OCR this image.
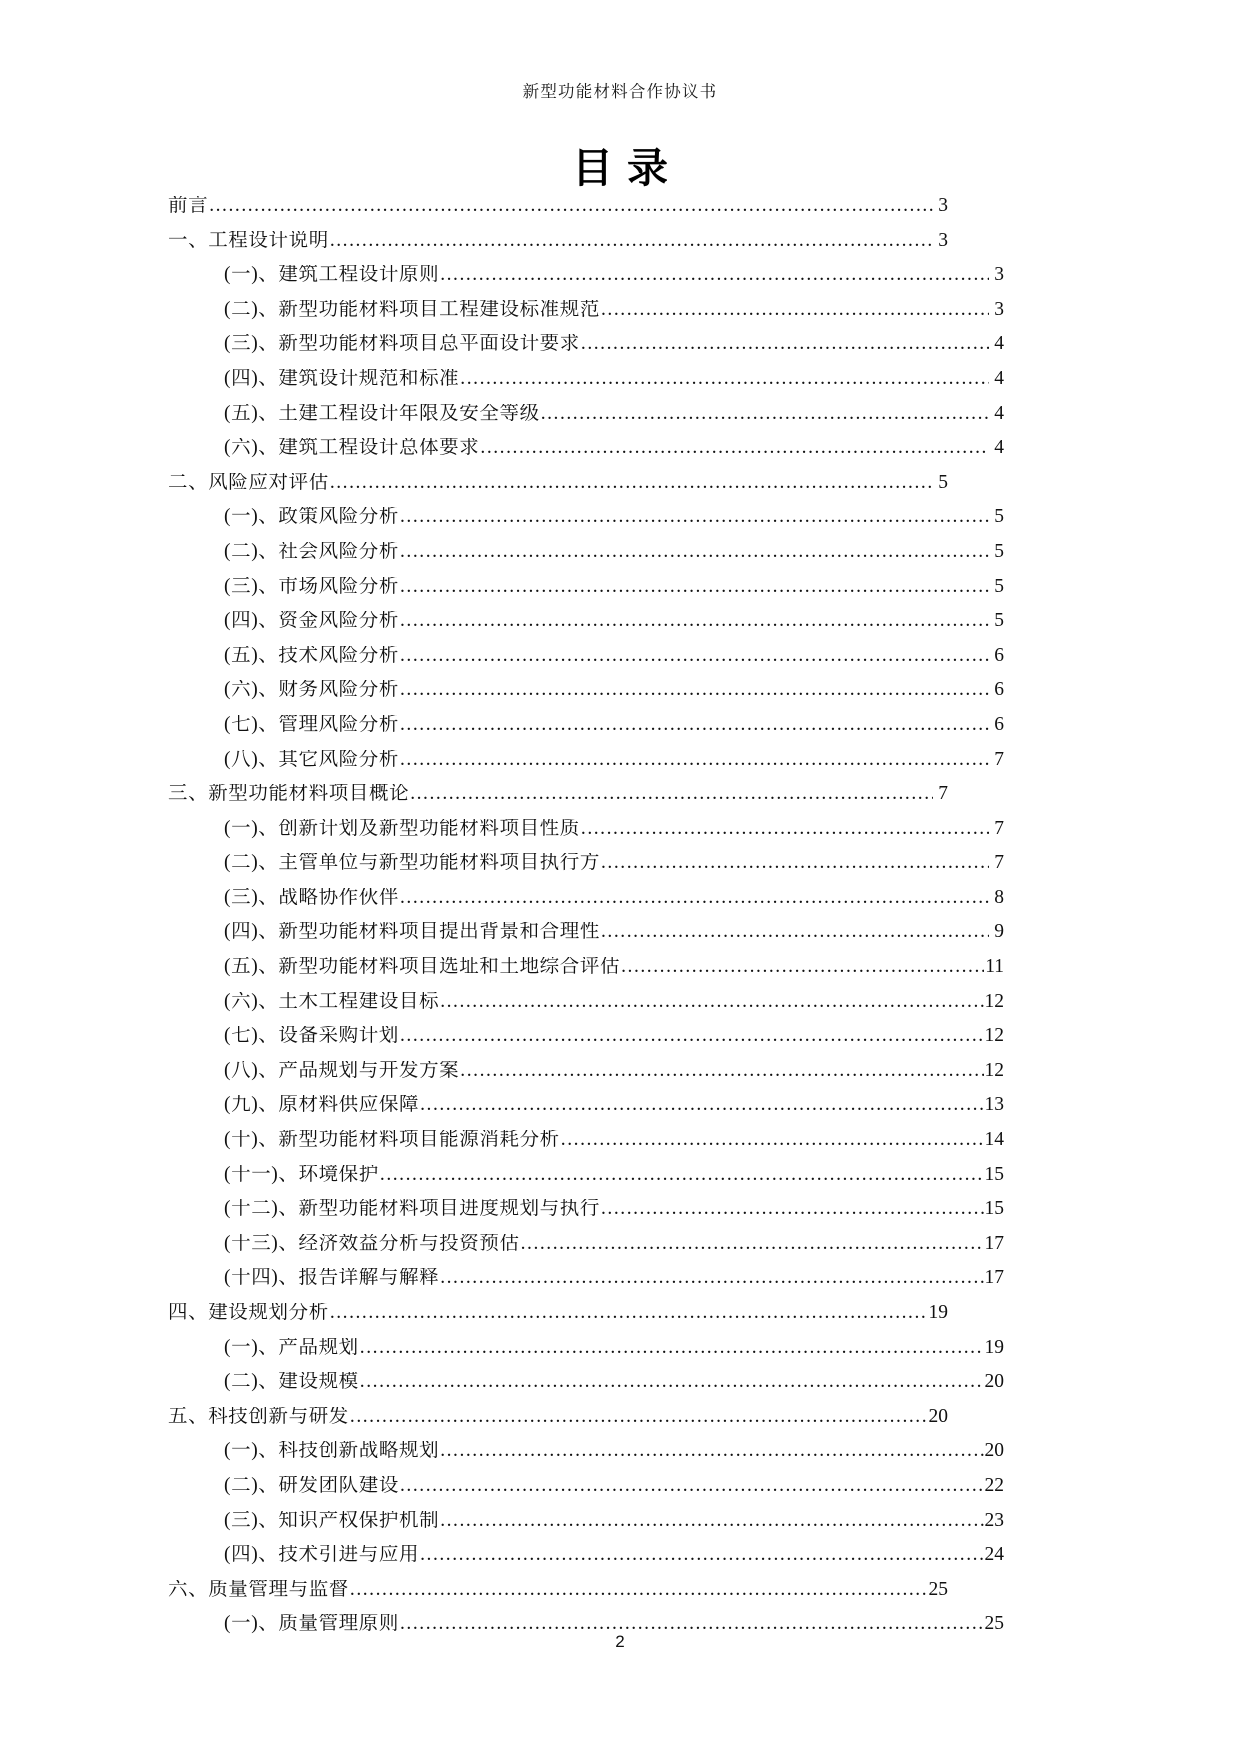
新型功能材料合作协议书
目录
前言 .....	3
一、工程设计说明 .....	3
(一)、建筑工程设计原则 .....	3
(二)、新型功能材料项目工程建设标准规范 .....	3
(三)、新型功能材料项目总平面设计要求 .....	4
(四)、建筑设计规范和标准 .....	4
(五)、土建工程设计年限及安全等级 .....	4
(六)、建筑工程设计总体要求 .....	4
二、风险应对评估 .....	5
(一)、政策风险分析 .....	5
(二)、社会风险分析 .....	5
(三)、市场风险分析 .....	5
(四)、资金风险分析 .....	5
(五)、技术风险分析 .....	6
(六)、财务风险分析 .....	6
(七)、管理风险分析 .....	6
(八)、其它风险分析 .....	7
三、新型功能材料项目概论 .....	7
(一)、创新计划及新型功能材料项目性质 .....	7
(二)、主管单位与新型功能材料项目执行方 .....	7
(三)、战略协作伙伴 .....	8
(四)、新型功能材料项目提出背景和合理性 .....	9
(五)、新型功能材料项目选址和土地综合评估 .....	11
(六)、土木工程建设目标 .....	12
(七)、设备采购计划 .....	12
(八)、产品规划与开发方案 .....	12
(九)、原材料供应保障 .....	13
(十)、新型功能材料项目能源消耗分析 .....	14
(十一)、环境保护 .....	15
(十二)、新型功能材料项目进度规划与执行 .....	15
(十三)、经济效益分析与投资预估 .....	17
(十四)、报告详解与解释 .....	17
四、建设规划分析 .....	19
(一)、产品规划 .....	19
(二)、建设规模 .....	20
五、科技创新与研发 .....	20
(一)、科技创新战略规划 .....	20
(二)、研发团队建设 .....	22
(三)、知识产权保护机制 .....	23
(四)、技术引进与应用 .....	24
六、质量管理与监督 .....	25
(一)、质量管理原则 .....	25
2
